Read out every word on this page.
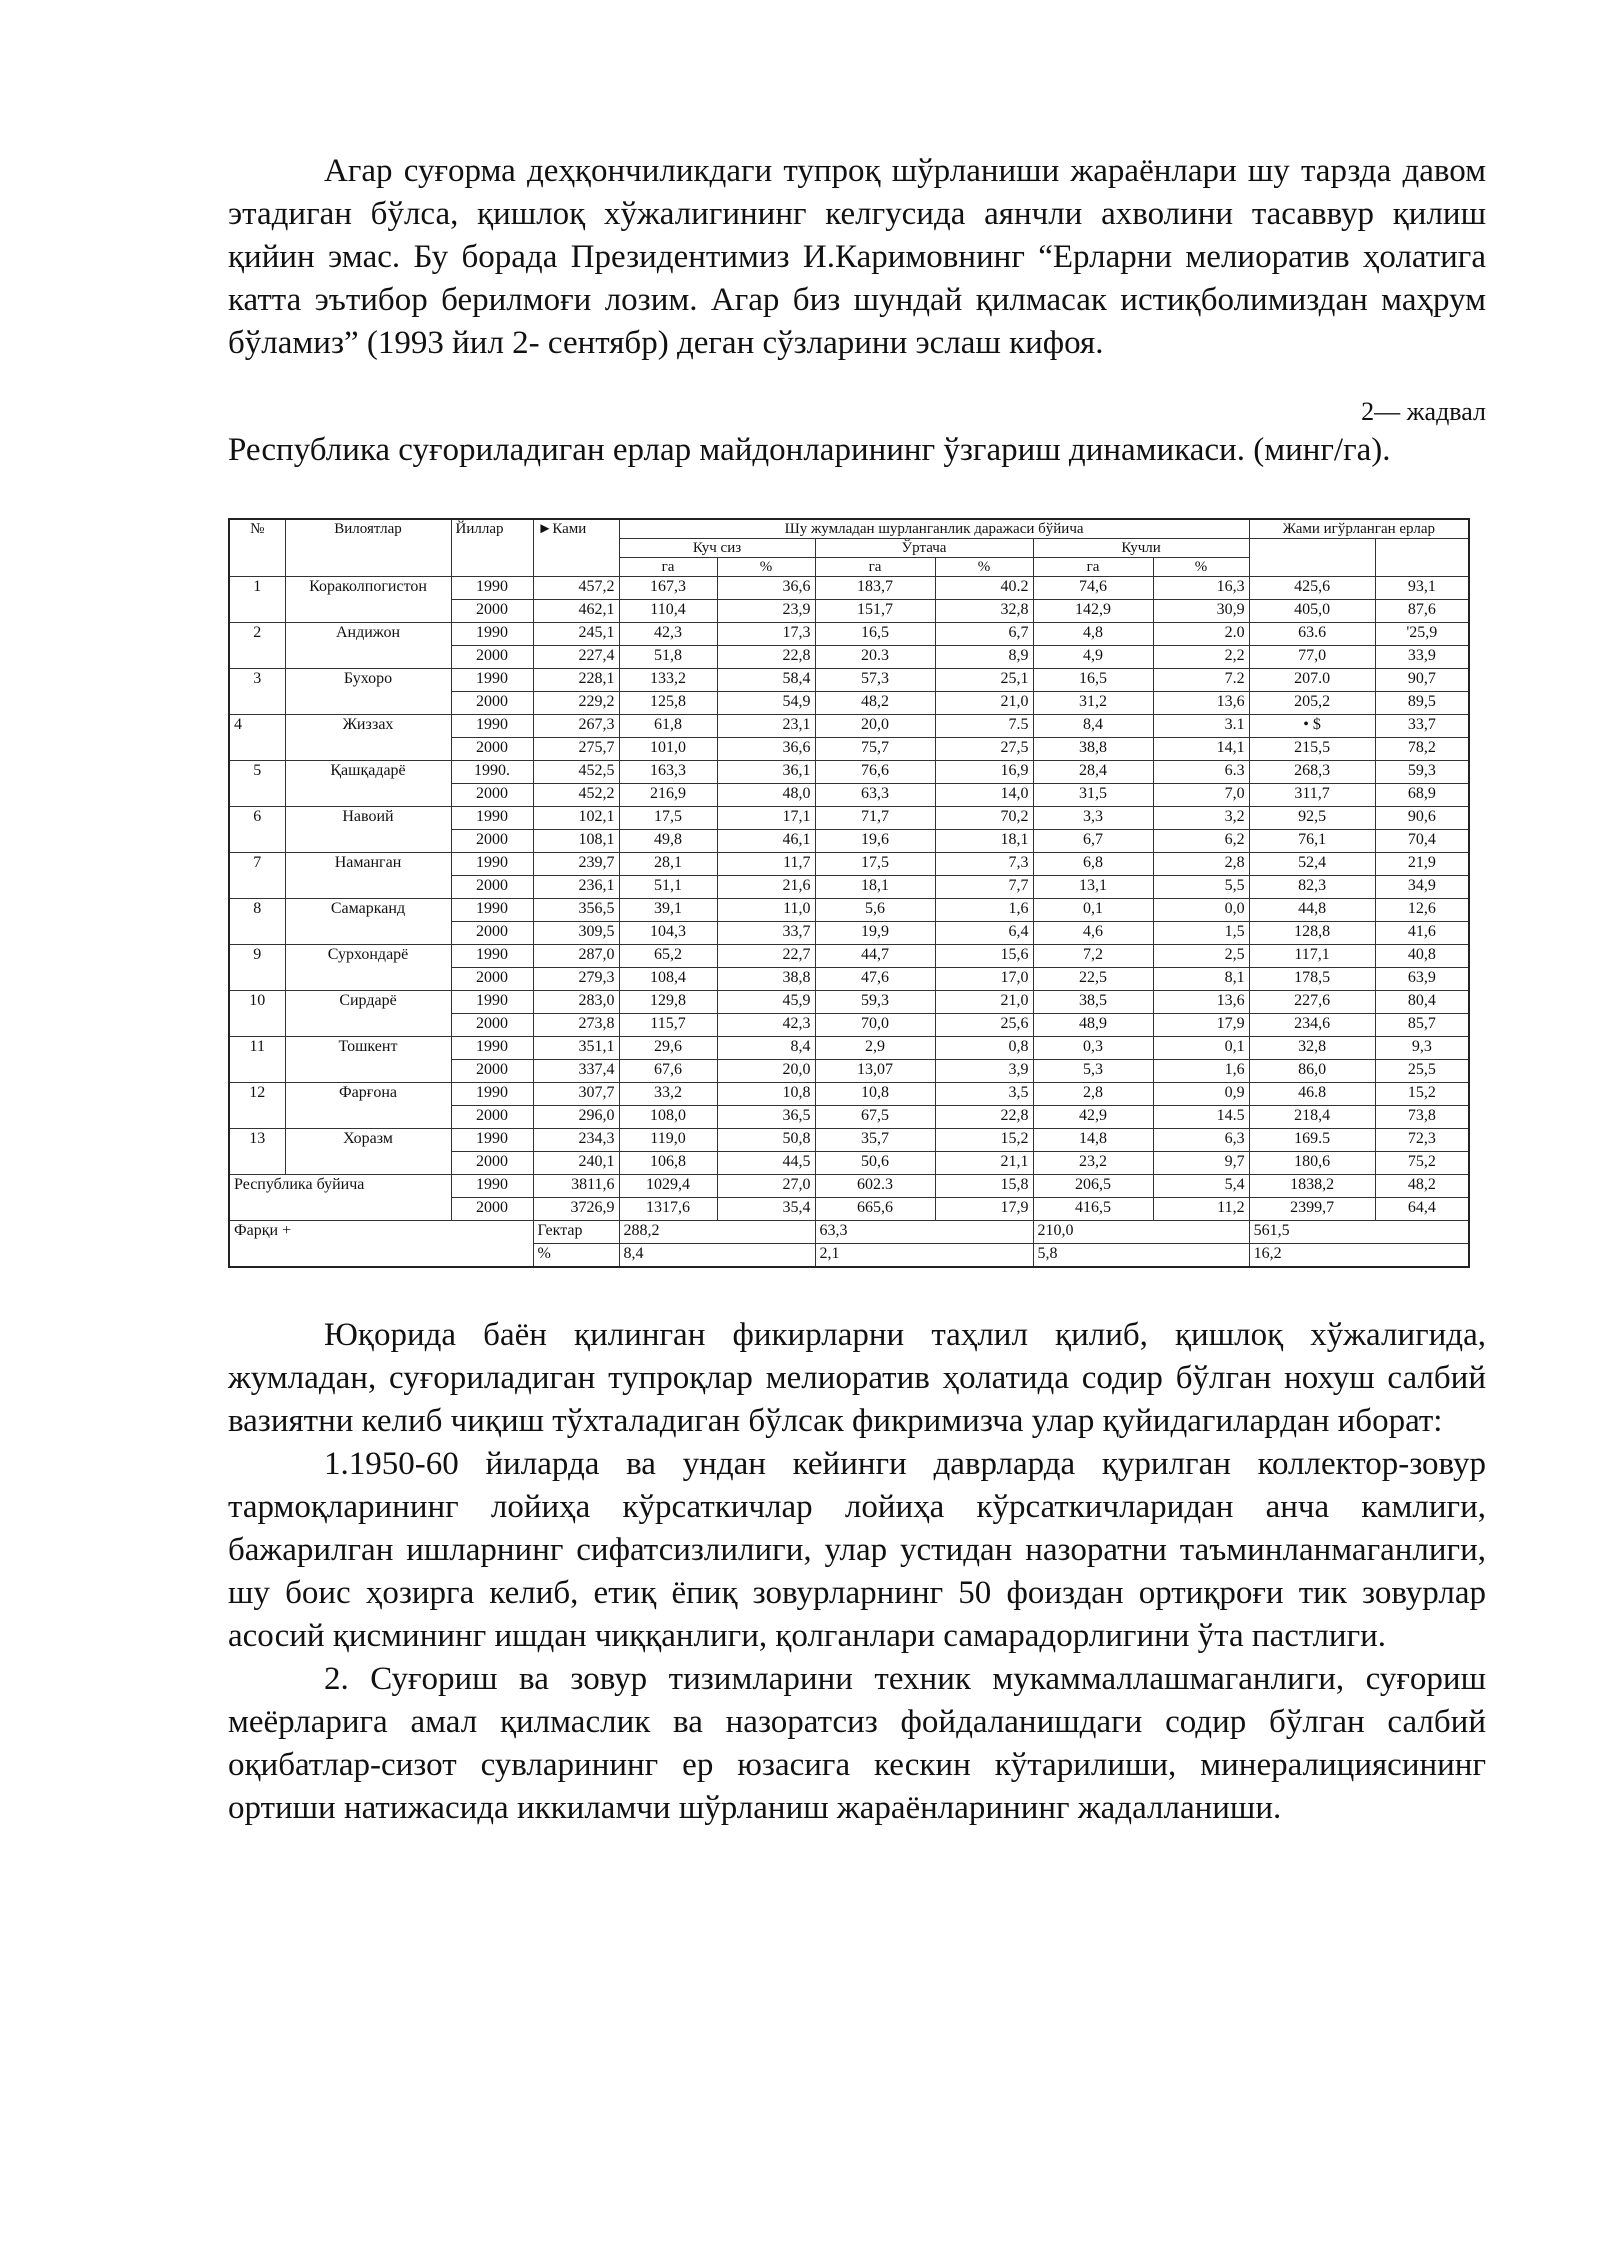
Агар суғорма деҳқончиликдаги тупроқ шўрланиши жараёнлари шу тарзда давом этадиган бўлса, қишлоқ хўжалигининг келгусида аянчли ахволини тасаввур қилиш қийин эмас. Бу борада Президентимиз И.Каримовнинг “Ерларни мелиоратив ҳолатига катта эътибор берилмоғи лозим. Агар биз шундай қилмасак истиқболимиздан маҳрум бўламиз” (1993 йил 2- сентябр) деган сўзларини эслаш кифоя.

2— жадвал

Республика суғориладиган ерлар майдонларининг ўзгариш динамикаси. (минг/га).

№	Вилоятлар	Йиллар	►Ками	Шу жумладан шурланганлик даражаси бўйича						Жами игўрланган ерлар	
				Куч сиз		Ўртача		Кучли			
				га	%	га	%	га	%		
1	Кораколпогистон	1990	457,2	167,3	36,6	183,7	40.2	74,6	16,3	425,6	93,1
		2000	462,1	110,4	23,9	151,7	32,8	142,9	30,9	405,0	87,6
2	Андижон	1990	245,1	42,3	17,3	16,5	6,7	4,8	2.0	63.6	'25,9
		2000	227,4	51,8	22,8	20.3	8,9	4,9	2,2	77,0	33,9
3	Бухоро	1990	228,1	133,2	58,4	57,3	25,1	16,5	7.2	207.0	90,7
		2000	229,2	125,8	54,9	48,2	21,0	31,2	13,6	205,2	89,5
4	Жиззах	1990	267,3	61,8	23,1	20,0	7.5	8,4	3.1	• $	33,7
		2000	275,7	101,0	36,6	75,7	27,5	38,8	14,1	215,5	78,2
5	Қашқадарё	1990.	452,5	163,3	36,1	76,6	16,9	28,4	6.3	268,3	59,3
		2000	452,2	216,9	48,0	63,3	14,0	31,5	7,0	311,7	68,9
6	Навоий	1990	102,1	17,5	17,1	71,7	70,2	3,3	3,2	92,5	90,6
		2000	108,1	49,8	46,1	19,6	18,1	6,7	6,2	76,1	70,4
7	Наманган	1990	239,7	28,1	11,7	17,5	7,3	6,8	2,8	52,4	21,9
		2000	236,1	51,1	21,6	18,1	7,7	13,1	5,5	82,3	34,9
8	Самарканд	1990	356,5	39,1	11,0	5,6	1,6	0,1	0,0	44,8	12,6
		2000	309,5	104,3	33,7	19,9	6,4	4,6	1,5	128,8	41,6
9	Сурхондарё	1990	287,0	65,2	22,7	44,7	15,6	7,2	2,5	117,1	40,8
		2000	279,3	108,4	38,8	47,6	17,0	22,5	8,1	178,5	63,9
10	Сирдарё	1990	283,0	129,8	45,9	59,3	21,0	38,5	13,6	227,6	80,4
		2000	273,8	115,7	42,3	70,0	25,6	48,9	17,9	234,6	85,7
11	Тошкент	1990	351,1	29,6	8,4	2,9	0,8	0,3	0,1	32,8	9,3
		2000	337,4	67,6	20,0	13,07	3,9	5,3	1,6	86,0	25,5
12	Фарғона	1990	307,7	33,2	10,8	10,8	3,5	2,8	0,9	46.8	15,2
		2000	296,0	108,0	36,5	67,5	22,8	42,9	14.5	218,4	73,8
13	Хоразм	1990	234,3	119,0	50,8	35,7	15,2	14,8	6,3	169.5	72,3
		2000	240,1	106,8	44,5	50,6	21,1	23,2	9,7	180,6	75,2
Республика буйича		1990	3811,6	1029,4	27,0	602.3	15,8	206,5	5,4	1838,2	48,2
		2000	3726,9	1317,6	35,4	665,6	17,9	416,5	11,2	2399,7	64,4
Фарқи +			Гектар	288,2		63,3		210,0		561,5	
			%	8,4		2,1		5,8		16,2	

Юқорида баён қилинган фикирларни таҳлил қилиб, қишлоқ хўжалигида, жумладан, суғориладиган тупроқлар мелиоратив ҳолатида содир бўлган нохуш салбий вазиятни келиб чиқиш тўхталадиган бўлсак фикримизча улар қуйидагилардан иборат:

1.1950-60 йиларда ва ундан кейинги даврларда қурилган коллектор-зовур тармоқларининг лойиҳа кўрсаткичлар лойиҳа кўрсаткичларидан анча камлиги, бажарилган ишларнинг сифатсизлилиги, улар устидан назоратни таъминланмаганлиги, шу боис ҳозирга келиб, етиқ ёпиқ зовурларнинг 50 фоиздан ортиқроғи тик зовурлар асосий қисмининг ишдан чиққанлиги, қолганлари самарадорлигини ўта пастлиги.

2. Суғориш ва зовур тизимларини техник мукаммаллашмаганлиги, суғориш меёрларига амал қилмаслик ва назоратсиз фойдаланишдаги содир бўлган салбий оқибатлар-сизот сувларининг ер юзасига кескин кўтарилиши, минералициясининг ортиши натижасида иккиламчи шўрланиш жараёнларининг жадалланиши.
